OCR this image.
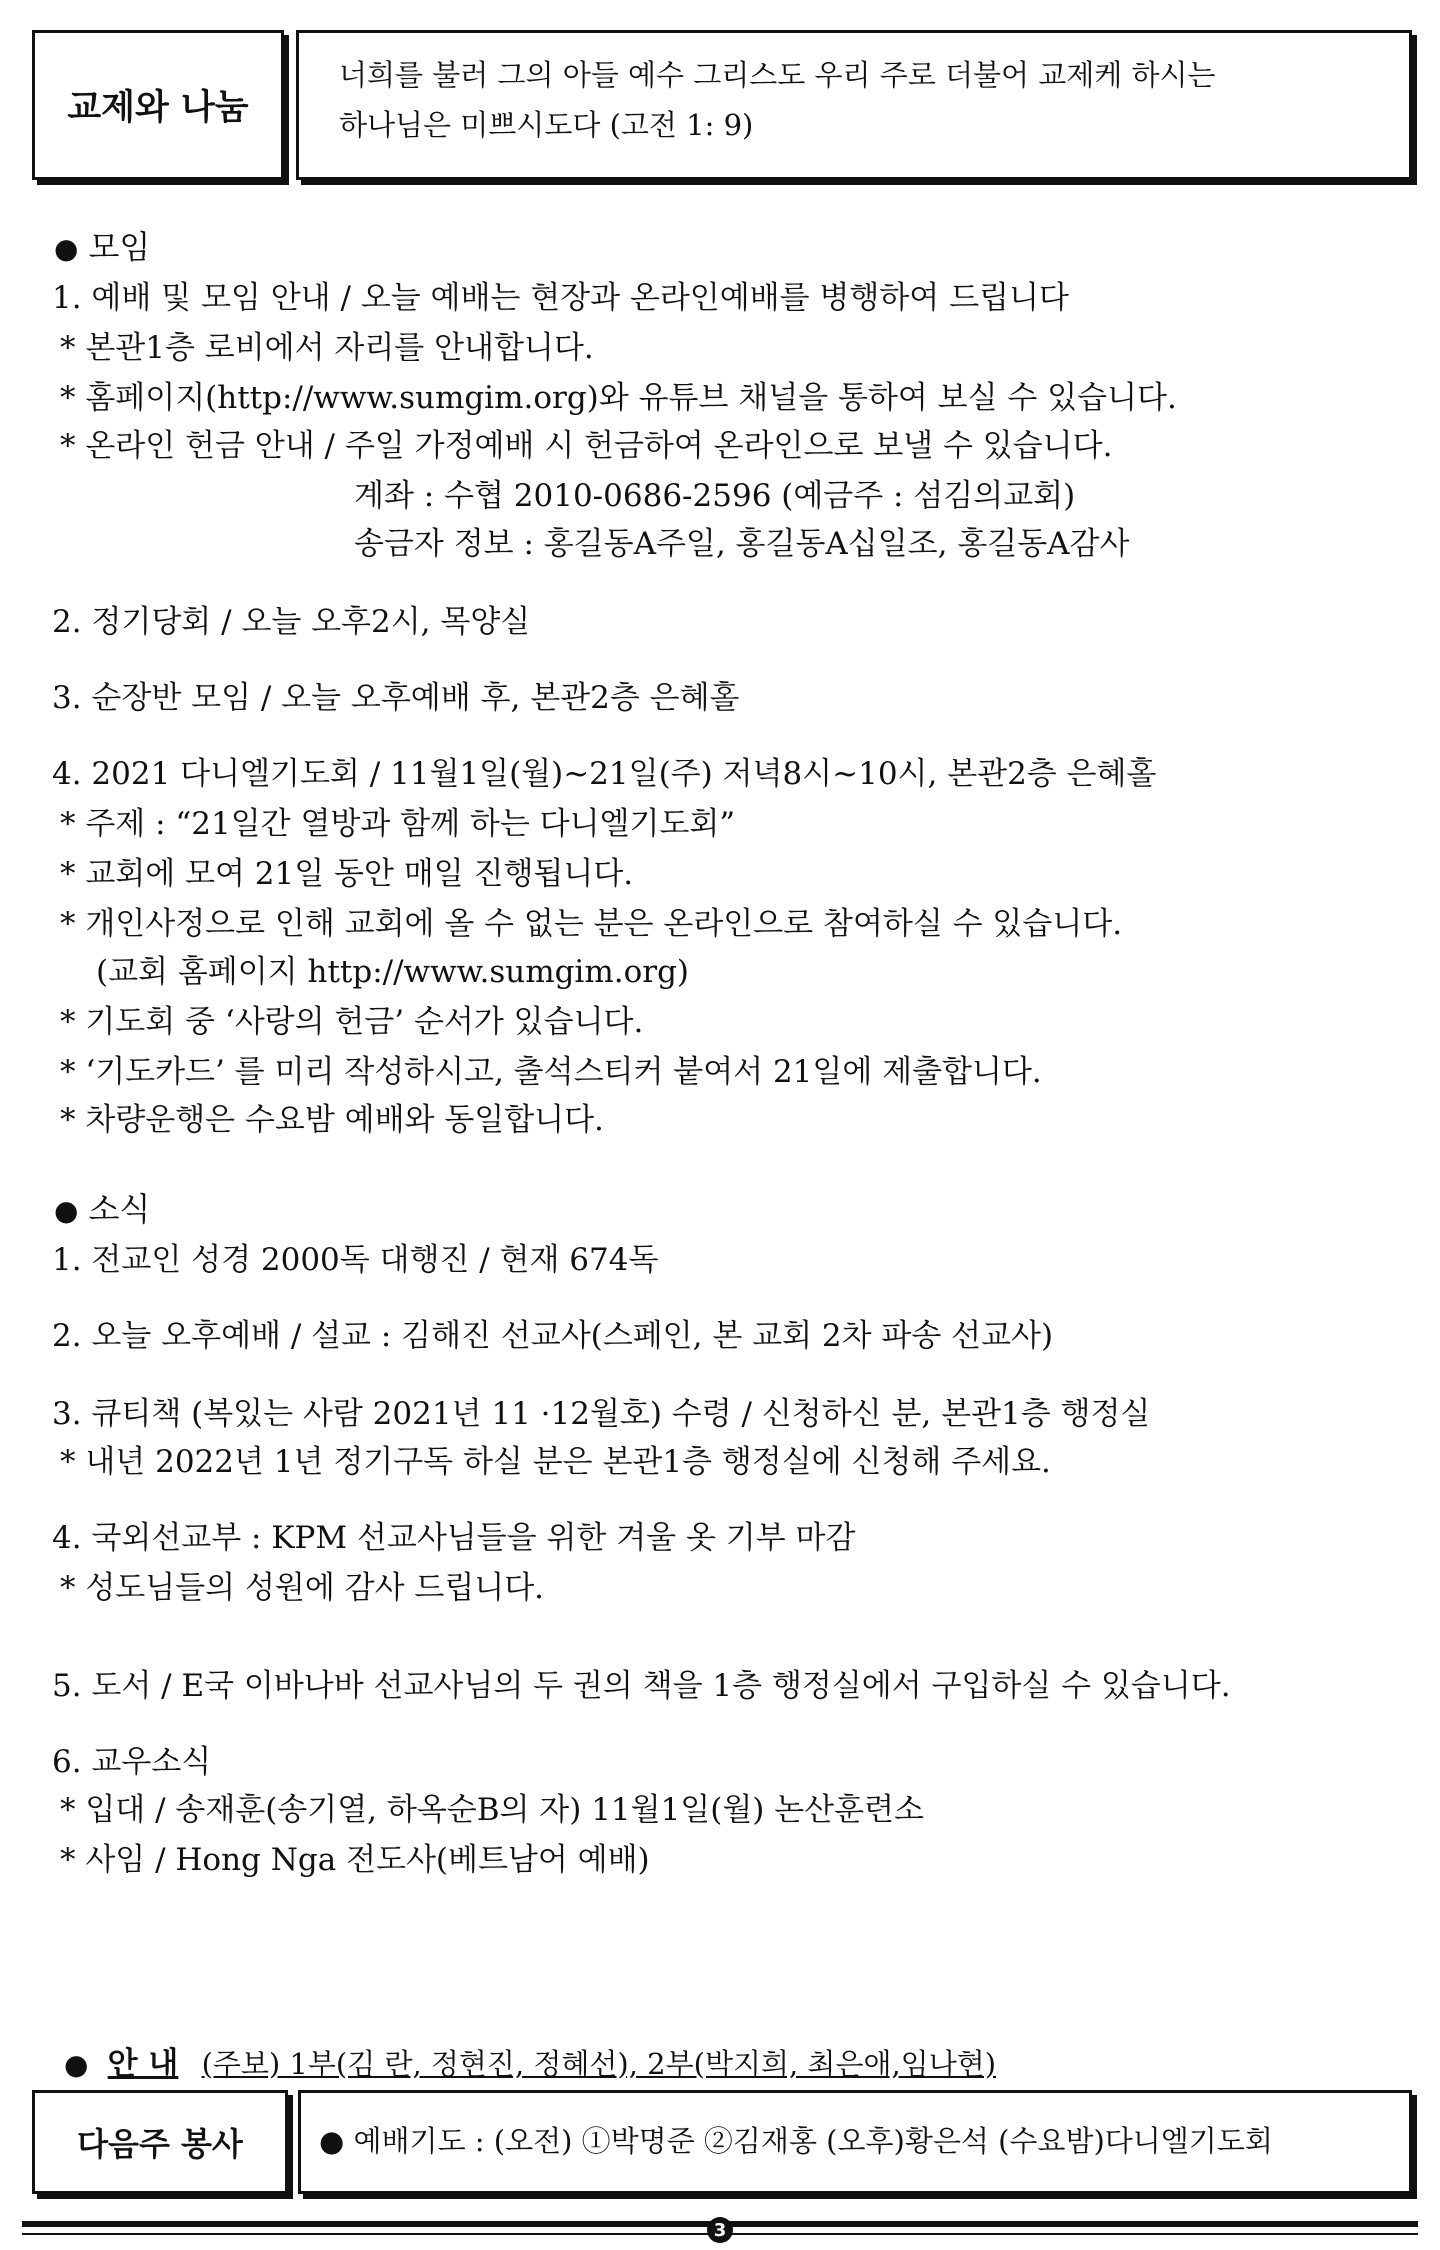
교제와 나눔
너희를 불러 그의 아들 예수 그리스도 우리 주로 더불어 교제케 하시는
하나님은 미쁘시도다 (고전 1: 9)
● 모임
1. 예배 및 모임 안내 / 오늘 예배는 현장과 온라인예배를 병행하여 드립니다
* 본관1층 로비에서 자리를 안내합니다.
* 홈페이지(http://www.sumgim.org)와 유튜브 채널을 통하여 보실 수 있습니다.
* 온라인 헌금 안내 / 주일 가정예배 시 헌금하여 온라인으로 보낼 수 있습니다.
계좌 : 수협 2010-0686-2596 (예금주 : 섬김의교회)
송금자 정보 : 홍길동A주일, 홍길동A십일조, 홍길동A감사
2. 정기당회 / 오늘 오후2시, 목양실
3. 순장반 모임 / 오늘 오후예배 후, 본관2층 은혜홀
4. 2021 다니엘기도회 / 11월1일(월)~21일(주) 저녁8시~10시, 본관2층 은혜홀
* 주제 : “21일간 열방과 함께 하는 다니엘기도회”
* 교회에 모여 21일 동안 매일 진행됩니다.
* 개인사정으로 인해 교회에 올 수 없는 분은 온라인으로 참여하실 수 있습니다.
(교회 홈페이지 http://www.sumgim.org)
* 기도회 중 ‘사랑의 헌금’ 순서가 있습니다.
* ‘기도카드’ 를 미리 작성하시고, 출석스티커 붙여서 21일에 제출합니다.
* 차량운행은 수요밤 예배와 동일합니다.
● 소식
1. 전교인 성경 2000독 대행진 / 현재 674독
2. 오늘 오후예배 / 설교 : 김해진 선교사(스페인, 본 교회 2차 파송 선교사)
3. 큐티책 (복있는 사람 2021년 11 ·12월호) 수령 / 신청하신 분, 본관1층 행정실
* 내년 2022년 1년 정기구독 하실 분은 본관1층 행정실에 신청해 주세요.
4. 국외선교부 : KPM 선교사님들을 위한 겨울 옷 기부 마감
* 성도님들의 성원에 감사 드립니다.
5. 도서 / E국 이바나바 선교사님의 두 권의 책을 1층 행정실에서 구입하실 수 있습니다.
6. 교우소식
* 입대 / 송재훈(송기열, 하옥순B의 자) 11월1일(월) 논산훈련소
* 사임 / Hong Nga 전도사(베트남어 예배)
● 안 내 (주보) 1부(김 란, 정현진, 정혜선), 2부(박지희, 최은애,임나현)
다음주 봉사	● 예배기도 : (오전) ①박명준 ②김재홍 (오후)황은석 (수요밤)다니엘기도회
3
